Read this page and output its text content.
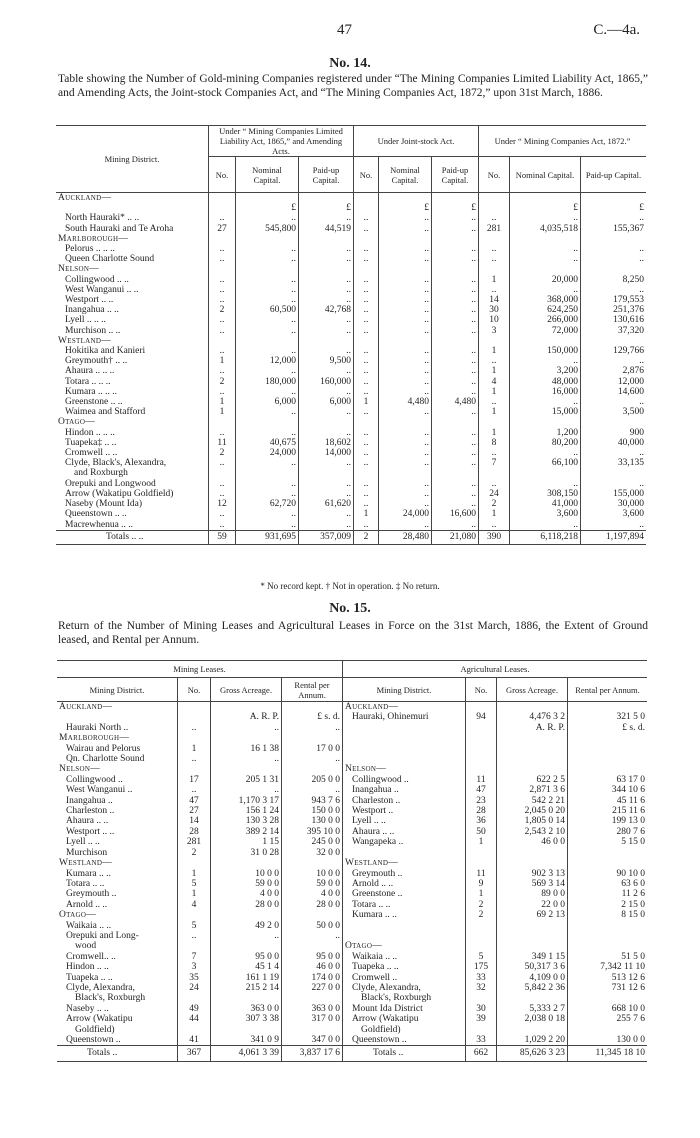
47	C.—4a.
No. 14.
Table showing the Number of Gold-mining Companies registered under “The Mining Companies Limited Liability Act, 1865,” and Amending Acts, the Joint-stock Companies Act, and “The Mining Companies Act, 1872,” upon 31st March, 1886.
Mining District.	Under “ Mining Companies Limited Liability Act, 1865,” and Amending Acts.			Under Joint-stock Act.			Under “ Mining Companies Act, 1872.”		
	No.	Nominal Capital.	Paid-up Capital.	No.	Nominal Capital.	Paid-up Capital.	No.	Nominal Capital.	Paid-up Capital.
Auckland—									
		£	£		£	£		£	£
North Hauraki* .. ..	..	..	..	..	..	..	..	..	..
South Hauraki and Te Aroha	27	545,800	44,519	..	..	..	281	4,035,518	155,367
Marlborough—									
Pelorus .. .. ..	..	..	..	..	..	..	..	..	..
Queen Charlotte Sound	..	..	..	..	..	..	..	..	..
Nelson—									
Collingwood .. ..	..	..	..	..	..	..	1	20,000	8,250
West Wanganui .. ..	..	..	..	..	..	..	..	..	..
Westport .. ..	..	..	..	..	..	..	14	368,000	179,553
Inangahua .. ..	2	60,500	42,768	..	..	..	30	624,250	251,376
Lyell .. .. ..	..	..	..	..	..	..	10	266,000	130,616
Murchison .. ..	..	..	..	..	..	..	3	72,000	37,320
Westland—									
Hokitika and Kanieri	..	..	..	..	..	..	1	150,000	129,766
Greymouth† .. ..	1	12,000	9,500	..	..	..	..	..	..
Ahaura .. .. ..	..	..	..	..	..	..	1	3,200	2,876
Totara .. .. ..	2	180,000	160,000	..	..	..	4	48,000	12,000
Kumara .. .. ..	..	..	..	..	..	..	1	16,000	14,600
Greenstone .. ..	1	6,000	6,000	1	4,480	4,480	..	..	..
Waimea and Stafford	1	..	..	..	..	..	1	15,000	3,500
Otago—									
Hindon .. .. ..	..	..	..	..	..	..	1	1,200	900
Tuapeka‡ .. ..	11	40,675	18,602	..	..	..	8	80,200	40,000
Cromwell .. ..	2	24,000	14,000	..	..	..	..	..	..
Clyde, Black's, Alexandra,	..	..	..	..	..	..	7	66,100	33,135
and Roxburgh									
Orepuki and Longwood	..	..	..	..	..	..	..	..	..
Arrow (Wakatipu Goldfield)	..	..	..	..	..	..	24	308,150	155,000
Naseby (Mount Ida)	12	62,720	61,620	..	..	..	2	41,000	30,000
Queenstown .. ..	..	..	..	1	24,000	16,600	1	3,600	3,600
Macrewhenua .. ..	..	..	..	..	..	..	..	..	..
Totals .. ..	59	931,695	357,009	2	28,480	21,080	390	6,118,218	1,197,894
* No record kept. † Not in operation. ‡ No return.
No. 15.
Return of the Number of Mining Leases and Agricultural Leases in Force on the 31st March, 1886, the Extent of Ground leased, and Rental per Annum.
Mining Leases.				Agricultural Leases.			
Mining District.	No.	Gross Acreage.	Rental per Annum.	Mining District.	No.	Gross Acreage.	Rental per Annum.
Auckland—				Auckland—			
		A. R. P.	£ s. d.	Hauraki, Ohinemuri	94	4,476 3 2	321 5 0
Hauraki North ..	..	..	..			A. R. P.	£ s. d.
Marlborough—							
Wairau and Pelorus	1	16 1 38	17 0 0				
Qn. Charlotte Sound	..	..	..				
Nelson—				Nelson—			
Collingwood ..	17	205 1 31	205 0 0	Collingwood ..	11	622 2 5	63 17 0
West Wanganui ..	..	..	..	Inangahua ..	47	2,871 3 6	344 10 6
Inangahua ..	47	1,170 3 17	943 7 6	Charleston ..	23	542 2 21	45 11 6
Charleston ..	27	156 1 24	150 0 0	Westport ..	28	2,045 0 20	215 11 6
Ahaura .. ..	14	130 3 28	130 0 0	Lyell .. ..	36	1,805 0 14	199 13 0
Westport .. ..	28	389 2 14	395 10 0	Ahaura .. ..	50	2,543 2 10	280 7 6
Lyell .. ..	281	1 15	245 0 0	Wangapeka ..	1	46 0 0	5 15 0
Murchison	2	31 0 28	32 0 0				
Westland—				Westland—			
Kumara .. ..	1	10 0 0	10 0 0	Greymouth ..	11	902 3 13	90 10 0
Totara .. ..	5	59 0 0	59 0 0	Arnold .. ..	9	569 3 14	63 6 0
Greymouth ..	1	4 0 0	4 0 0	Greenstone ..	1	89 0 0	11 2 6
Arnold .. ..	4	28 0 0	28 0 0	Totara .. ..	2	22 0 0	2 15 0
Otago—				Kumara .. ..	2	69 2 13	8 15 0
Waikaia .. ..	5	49 2 0	50 0 0				
Orepuki and Long-	..	..	..				
wood				Otago—			
Cromwell.. ..	7	95 0 0	95 0 0	Waikaia .. ..	5	349 1 15	51 5 0
Hindon .. ..	3	45 1 4	46 0 0	Tuapeka .. ..	175	50,317 3 6	7,342 11 10
Tuapeka .. ..	35	161 1 19	174 0 0	Cromwell ..	33	4,109 0 0	513 12 6
Clyde, Alexandra,	24	215 2 14	227 0 0	Clyde, Alexandra,	32	5,842 2 36	731 12 6
Black's, Roxburgh				Black's, Roxburgh			
Naseby .. ..	49	363 0 0	363 0 0	Mount Ida District	30	5,333 2 7	668 10 0
Arrow (Wakatipu	44	307 3 38	317 0 0	Arrow (Wakatipu	39	2,038 0 18	255 7 6
Goldfield)				Goldfield)			
Queenstown ..	41	341 0 9	347 0 0	Queenstown ..	33	1,029 2 20	130 0 0
Totals ..	367	4,061 3 39	3,837 17 6	Totals ..	662	85,626 3 23	11,345 18 10
